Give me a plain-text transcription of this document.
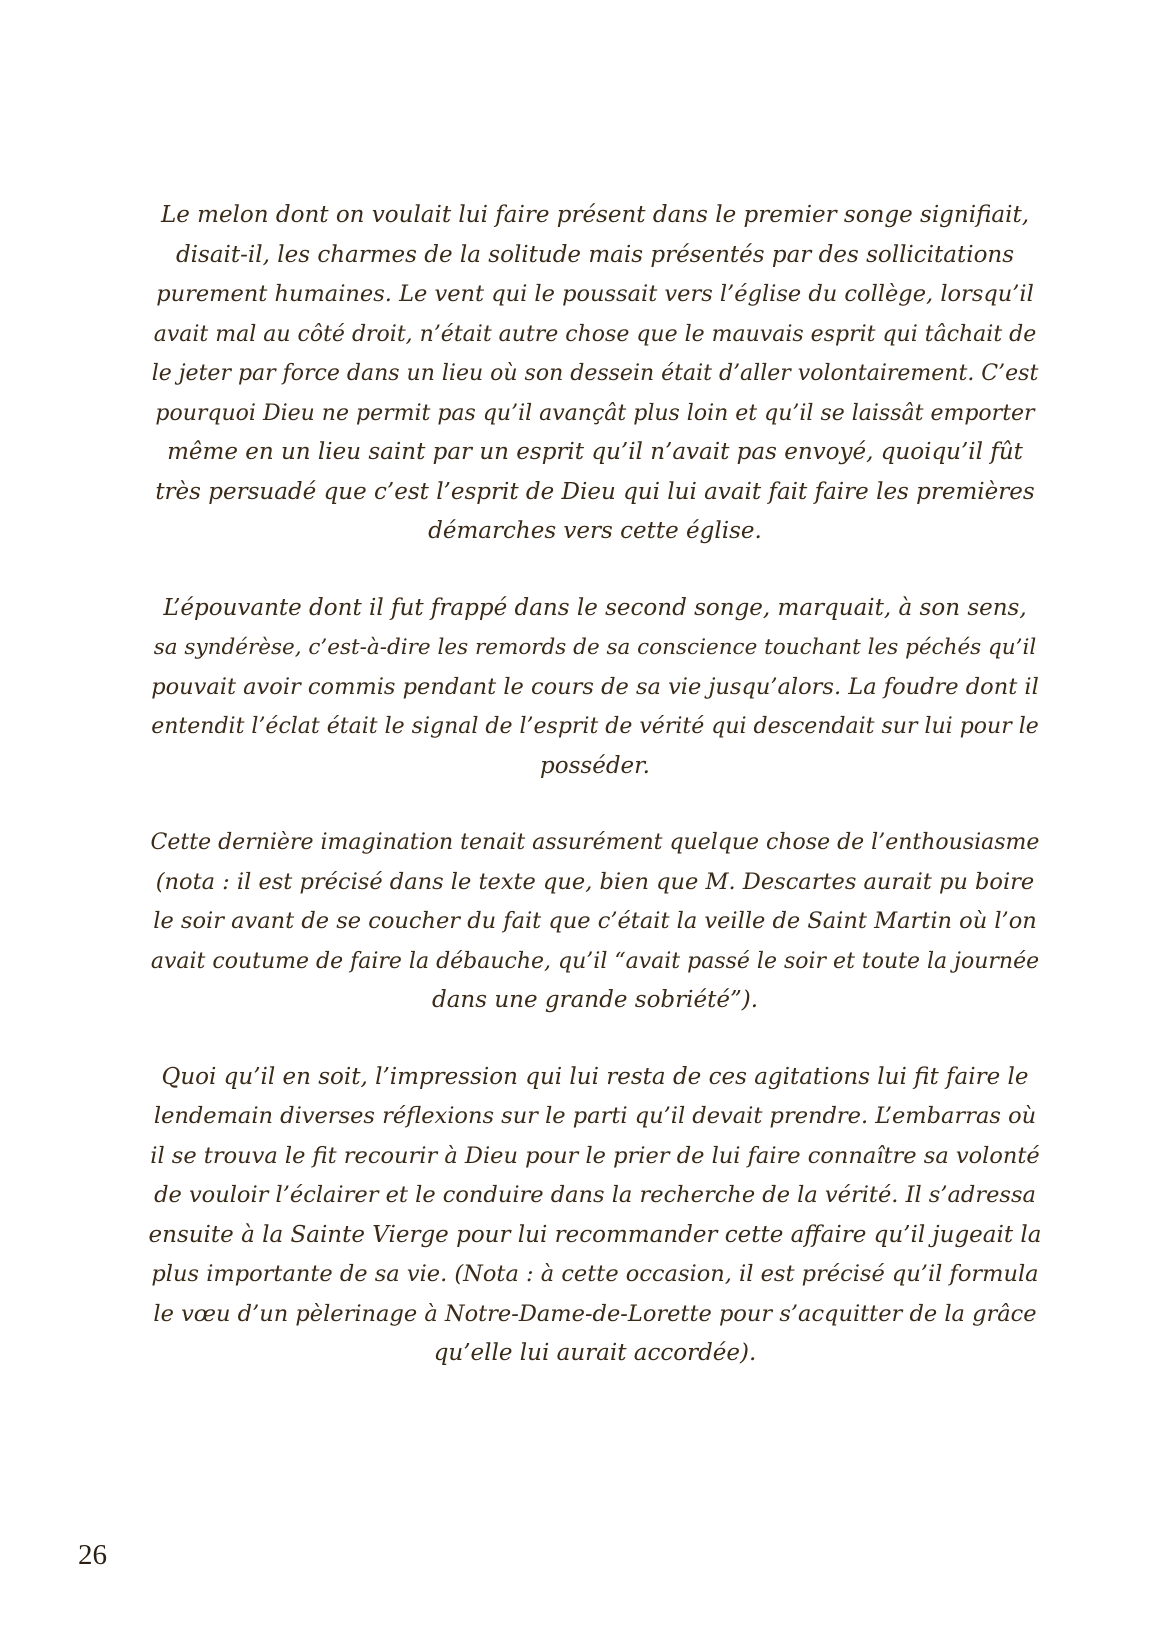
Le melon dont on voulait lui faire présent dans le premier songe signifiait,
disait-il, les charmes de la solitude mais présentés par des sollicitations
purement humaines. Le vent qui le poussait vers l’église du collège, lorsqu’il
avait mal au côté droit, n’était autre chose que le mauvais esprit qui tâchait de
le jeter par force dans un lieu où son dessein était d’aller volontairement. C’est
pourquoi Dieu ne permit pas qu’il avançât plus loin et qu’il se laissât emporter
même en un lieu saint par un esprit qu’il n’avait pas envoyé, quoiqu’il fût
très persuadé que c’est l’esprit de Dieu qui lui avait fait faire les premières
démarches vers cette église.

L’épouvante dont il fut frappé dans le second songe, marquait, à son sens,
sa syndérèse, c’est-à-dire les remords de sa conscience touchant les péchés qu’il
pouvait avoir commis pendant le cours de sa vie jusqu’alors. La foudre dont il
entendit l’éclat était le signal de l’esprit de vérité qui descendait sur lui pour le
posséder.

Cette dernière imagination tenait assurément quelque chose de l’enthousiasme
(nota : il est précisé dans le texte que, bien que M. Descartes aurait pu boire
le soir avant de se coucher du fait que c’était la veille de Saint Martin où l’on
avait coutume de faire la débauche, qu’il “avait passé le soir et toute la journée
dans une grande sobriété”).

Quoi qu’il en soit, l’impression qui lui resta de ces agitations lui fit faire le
lendemain diverses réflexions sur le parti qu’il devait prendre. L’embarras où
il se trouva le fit recourir à Dieu pour le prier de lui faire connaître sa volonté
de vouloir l’éclairer et le conduire dans la recherche de la vérité. Il s’adressa
ensuite à la Sainte Vierge pour lui recommander cette affaire qu’il jugeait la
plus importante de sa vie. (Nota : à cette occasion, il est précisé qu’il formula
le vœu d’un pèlerinage à Notre-Dame-de-Lorette pour s’acquitter de la grâce
qu’elle lui aurait accordée).

26
